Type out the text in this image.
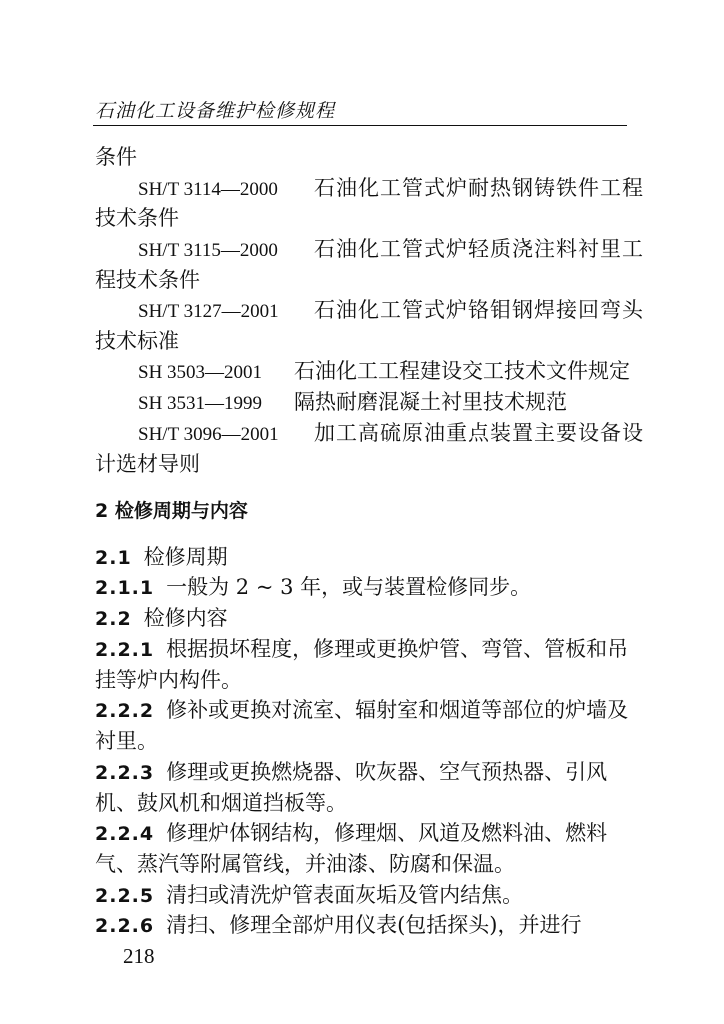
石油化工设备维护检修规程
条件
SH/T 3114—2000 石油化工管式炉耐热钢铸铁件工程
技术条件
SH/T 3115—2000 石油化工管式炉轻质浇注料衬里工
程技术条件
SH/T 3127—2001 石油化工管式炉铬钼钢焊接回弯头
技术标准
SH 3503—2001 石油化工工程建设交工技术文件规定
SH 3531—1999 隔热耐磨混凝土衬里技术规范
SH/T 3096—2001 加工高硫原油重点装置主要设备设
计选材导则
2 检修周期与内容
2.1 检修周期
2.1.1 一般为 2 ~ 3 年，或与装置检修同步。
2.2 检修内容
2.2.1 根据损坏程度，修理或更换炉管、弯管、管板和吊
挂等炉内构件。
2.2.2 修补或更换对流室、辐射室和烟道等部位的炉墙及
衬里。
2.2.3 修理或更换燃烧器、吹灰器、空气预热器、引风
机、鼓风机和烟道挡板等。
2.2.4 修理炉体钢结构，修理烟、风道及燃料油、燃料
气、蒸汽等附属管线，并油漆、防腐和保温。
2.2.5 清扫或清洗炉管表面灰垢及管内结焦。
2.2.6 清扫、修理全部炉用仪表(包括探头)，并进行
218
